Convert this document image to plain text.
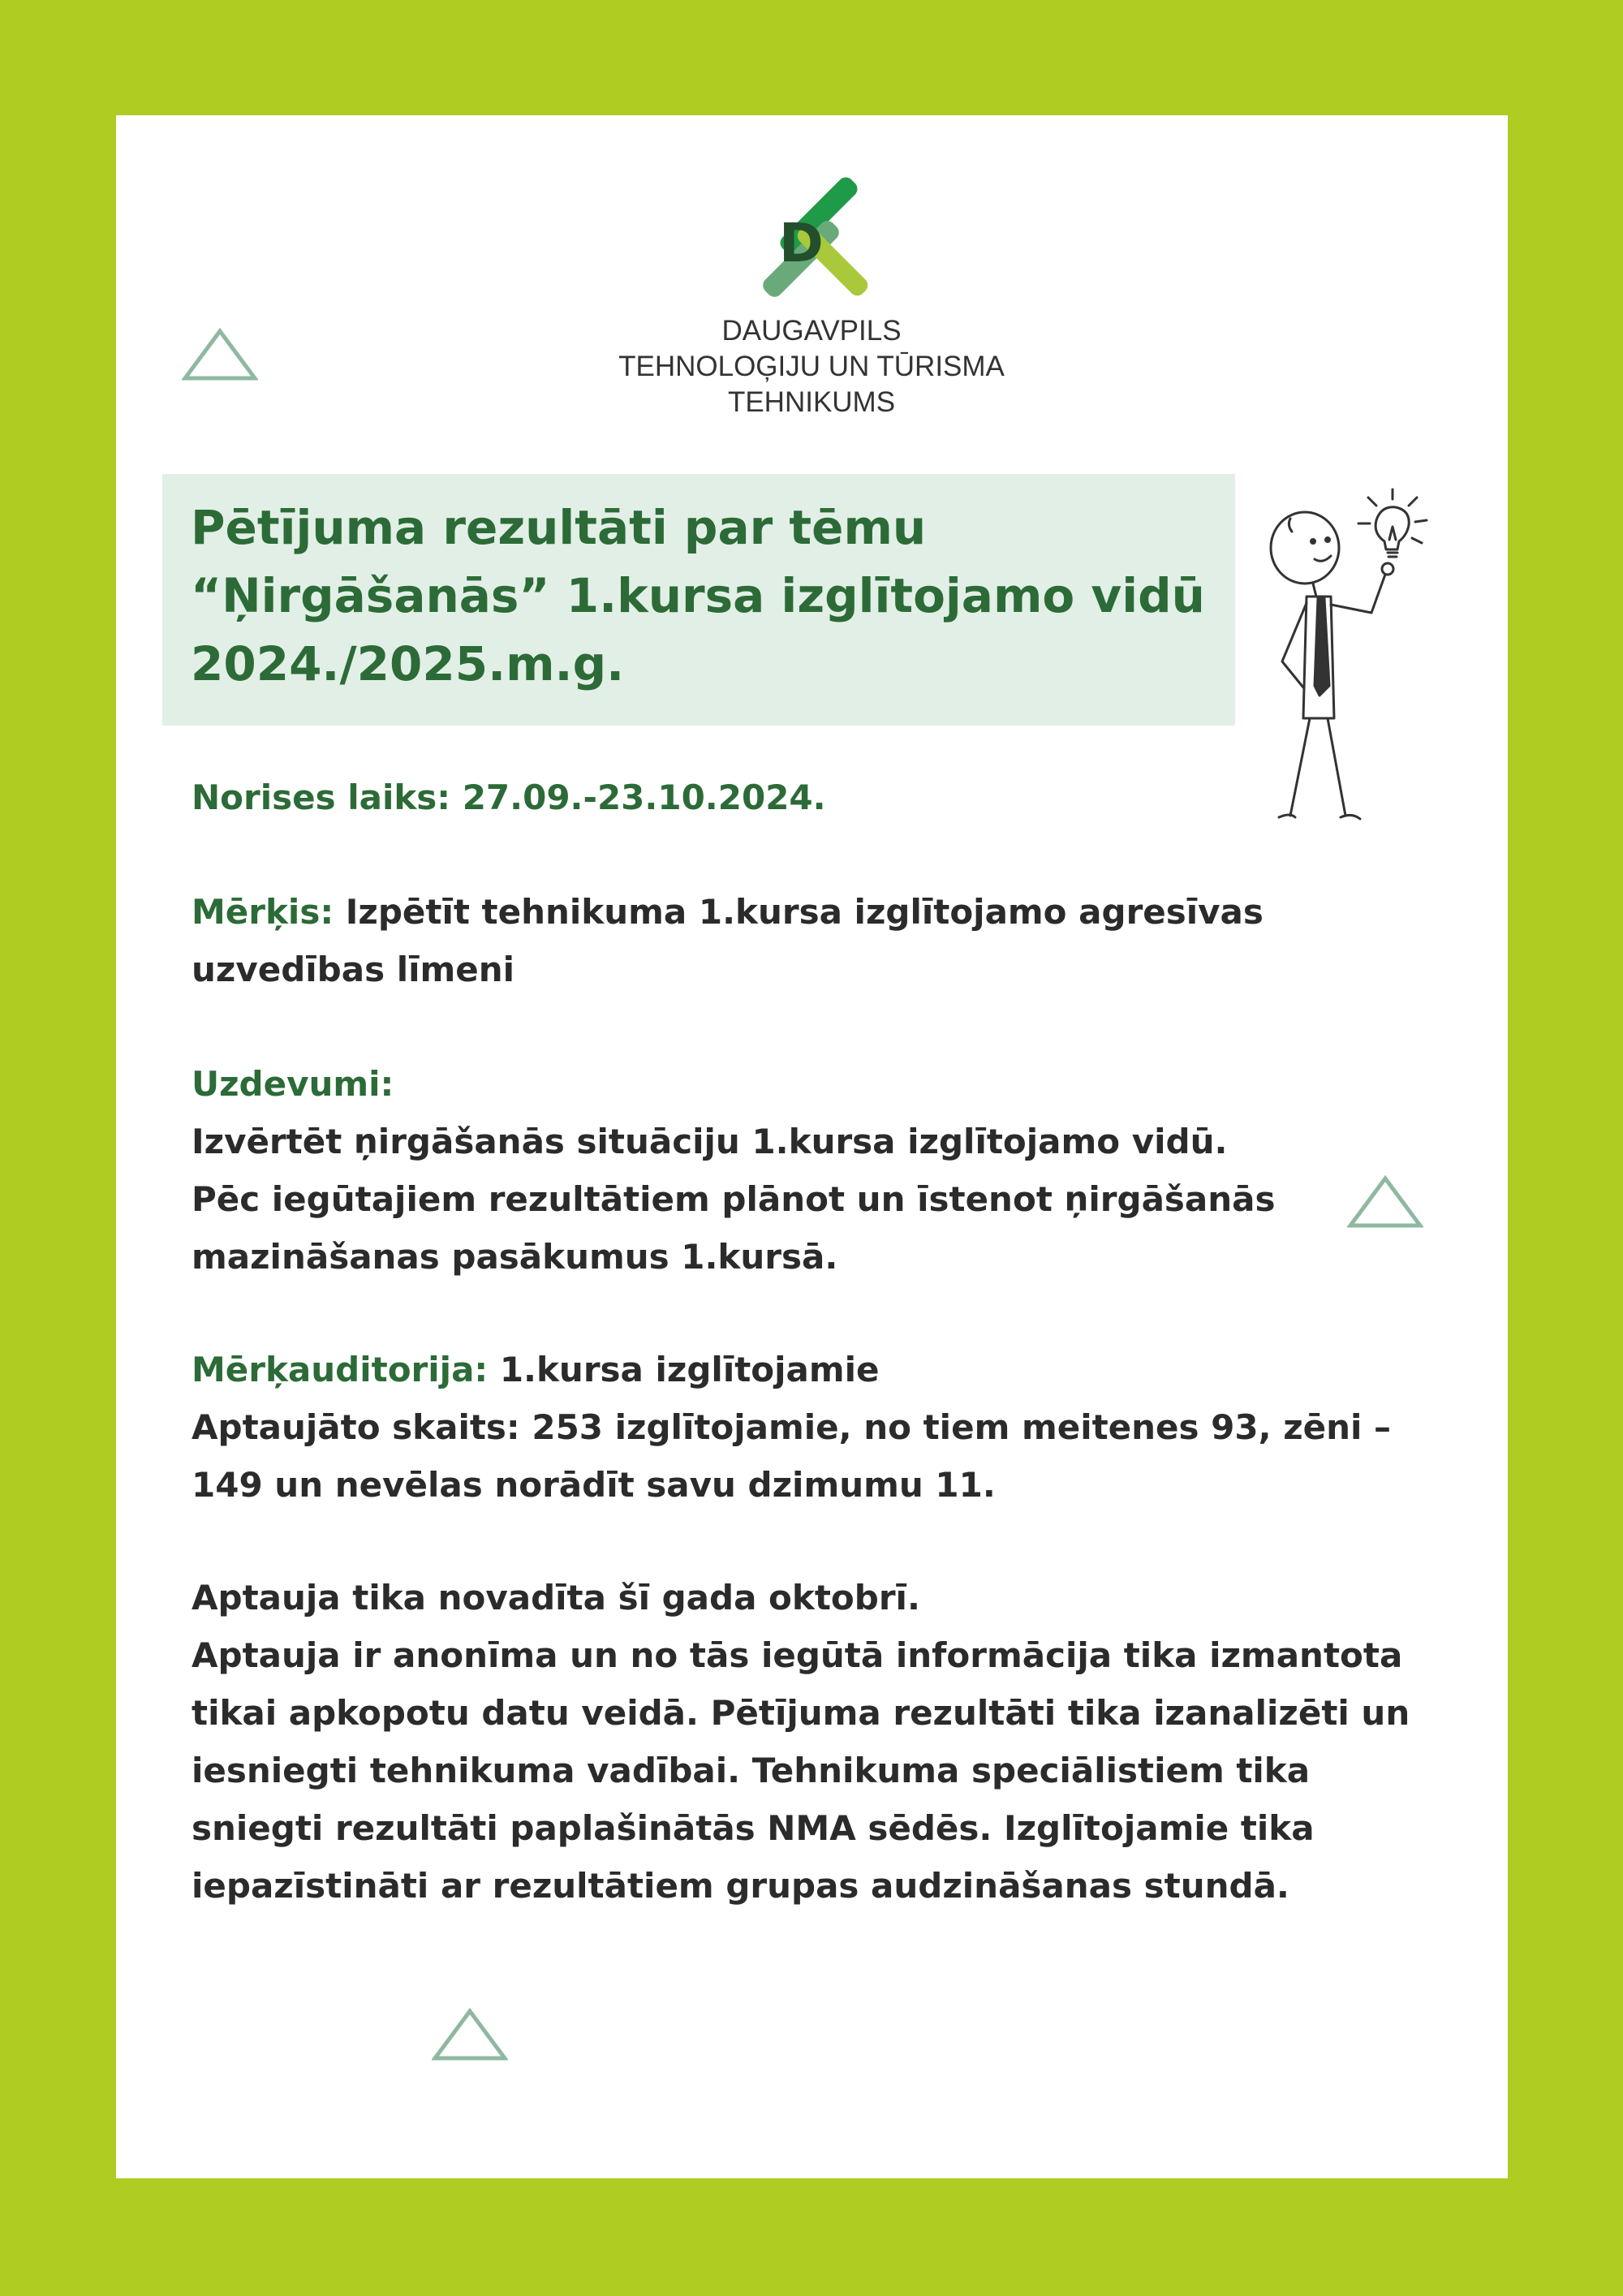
D
DAUGAVPILS
TEHNOLOĢIJU UN TŪRISMA
TEHNIKUMS
Pētījuma rezultāti par tēmu
“Ņirgāšanās” 1.kursa izglītojamo vidū
2024./2025.m.g.
Norises laiks: 27.09.-23.10.2024.
Mērķis: Izpētīt tehnikuma 1.kursa izglītojamo agresīvas
uzvedības līmeni
Uzdevumi:
Izvērtēt ņirgāšanās situāciju 1.kursa izglītojamo vidū.
Pēc iegūtajiem rezultātiem plānot un īstenot ņirgāšanās
mazināšanas pasākumus 1.kursā.
Mērķauditorija: 1.kursa izglītojamie
Aptaujāto skaits: 253 izglītojamie, no tiem meitenes 93, zēni –
149 un nevēlas norādīt savu dzimumu 11.
Aptauja tika novadīta šī gada oktobrī.
Aptauja ir anonīma un no tās iegūtā informācija tika izmantota
tikai apkopotu datu veidā. Pētījuma rezultāti tika izanalizēti un
iesniegti tehnikuma vadībai. Tehnikuma speciālistiem tika
sniegti rezultāti paplašinātās NMA sēdēs. Izglītojamie tika
iepazīstināti ar rezultātiem grupas audzināšanas stundā.
